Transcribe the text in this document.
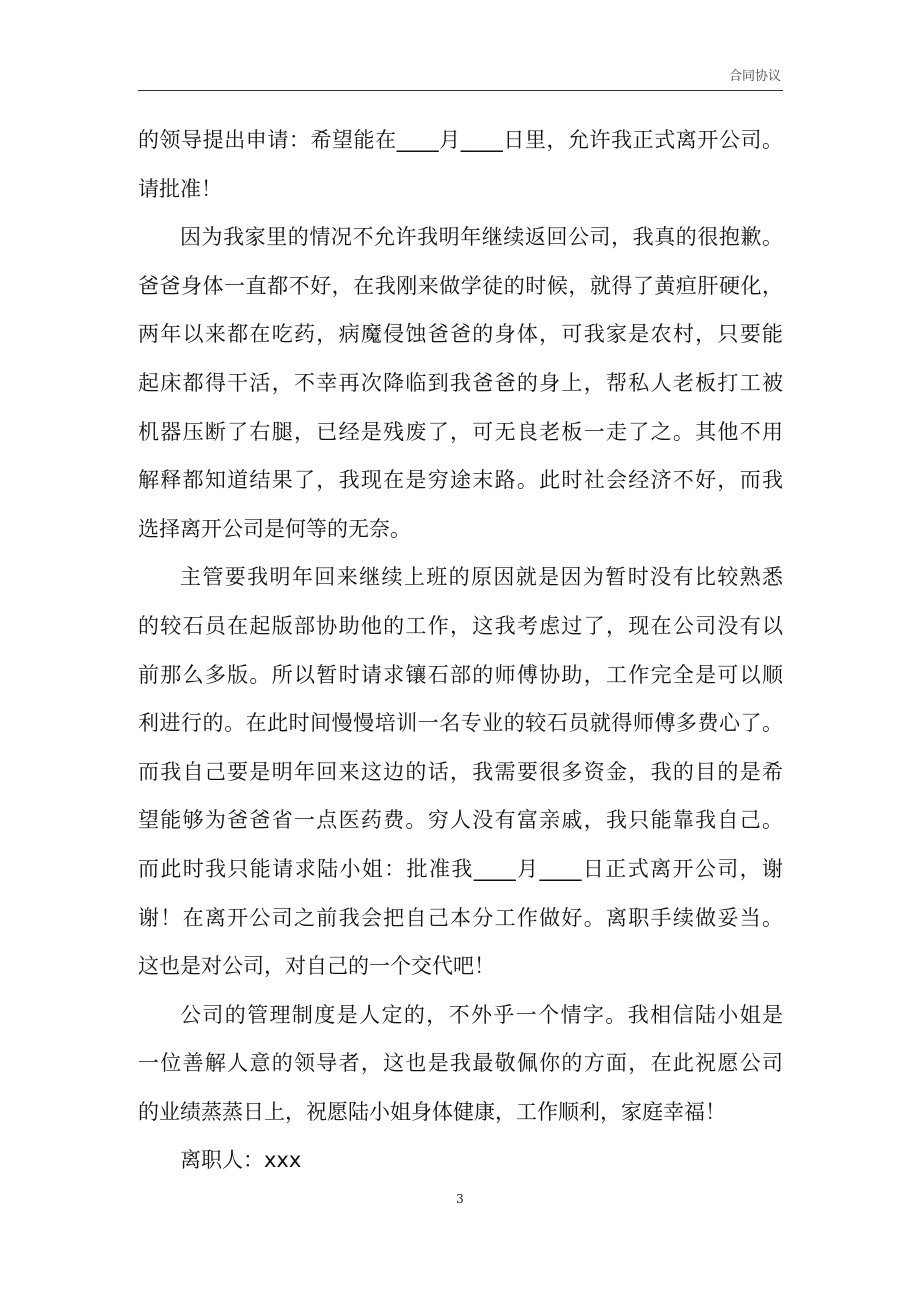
合同协议
的领导提出申请：希望能在____月____日里，允许我正式离开公司。
请批准！
因为我家里的情况不允许我明年继续返回公司，我真的很抱歉。
爸爸身体一直都不好，在我刚来做学徒的时候，就得了黄疸肝硬化，
两年以来都在吃药，病魔侵蚀爸爸的身体，可我家是农村，只要能
起床都得干活，不幸再次降临到我爸爸的身上，帮私人老板打工被
机器压断了右腿，已经是残废了，可无良老板一走了之。其他不用
解释都知道结果了，我现在是穷途末路。此时社会经济不好，而我
选择离开公司是何等的无奈。
主管要我明年回来继续上班的原因就是因为暂时没有比较熟悉
的较石员在起版部协助他的工作，这我考虑过了，现在公司没有以
前那么多版。所以暂时请求镶石部的师傅协助，工作完全是可以顺
利进行的。在此时间慢慢培训一名专业的较石员就得师傅多费心了。
而我自己要是明年回来这边的话，我需要很多资金，我的目的是希
望能够为爸爸省一点医药费。穷人没有富亲戚，我只能靠我自己。
而此时我只能请求陆小姐：批准我____月____日正式离开公司，谢
谢！在离开公司之前我会把自己本分工作做好。离职手续做妥当。
这也是对公司，对自己的一个交代吧！
公司的管理制度是人定的，不外乎一个情字。我相信陆小姐是
一位善解人意的领导者，这也是我最敬佩你的方面，在此祝愿公司
的业绩蒸蒸日上，祝愿陆小姐身体健康，工作顺利，家庭幸福！
离职人：xxx
3
